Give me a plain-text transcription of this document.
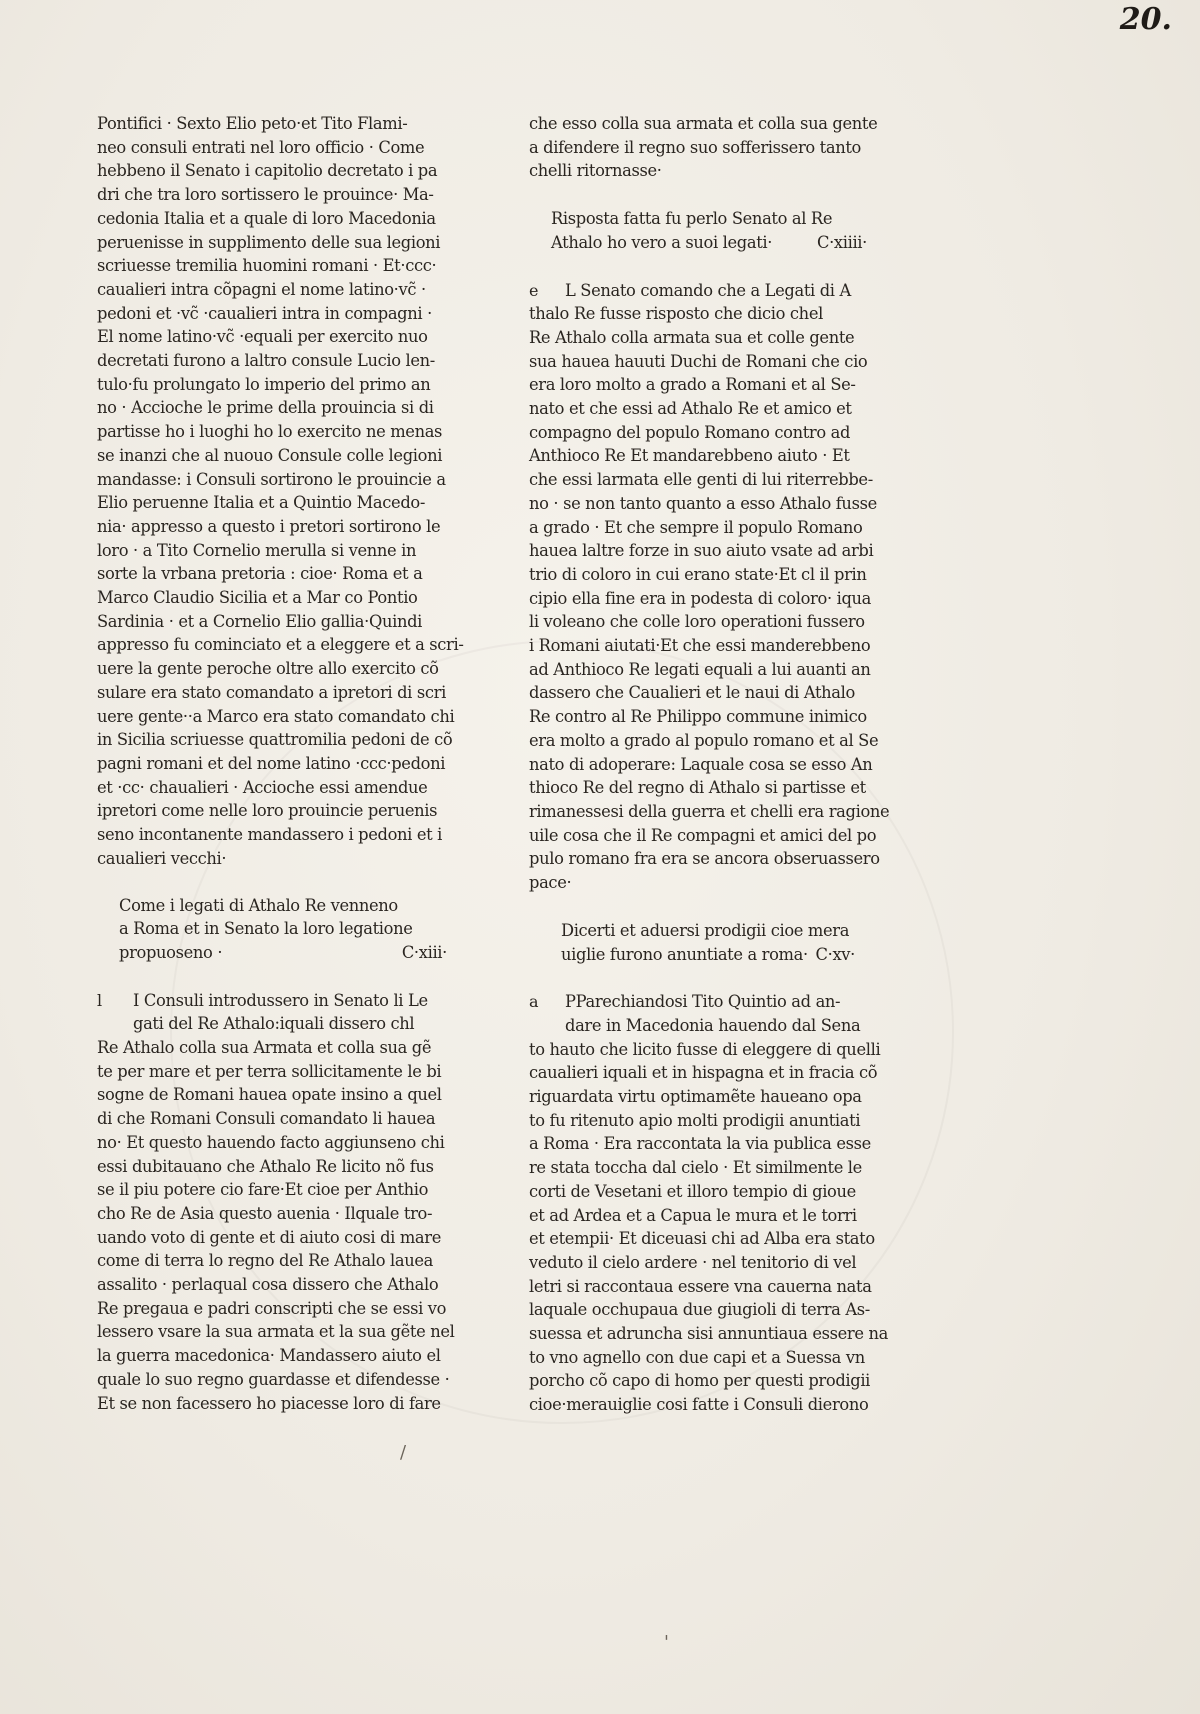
20.
Pontifici · Sexto Elio peto·et Tito Flami-
neo consuli entrati nel loro officio · Come
hebbeno il Senato i capitolio decretato i pa
dri che tra loro sortissero le prouince· Ma-
cedonia Italia et a quale di loro Macedonia
peruenisse in supplimento delle sua legioni
scriuesse tremilia huomini romani · Et·ccc·
caualieri intra cõpagni el nome latino·vc̃ ·
pedoni et ·vc̃ ·caualieri intra in compagni ·
El nome latino·vc̃ ·equali per exercito nuo
decretati furono a laltro consule Lucio len-
tulo·fu prolungato lo imperio del primo an
no · Accioche le prime della prouincia si di
partisse ho i luoghi ho lo exercito ne menas
se inanzi che al nuouo Consule colle legioni
mandasse: i Consuli sortirono le prouincie a
Elio peruenne Italia et a Quintio Macedo-
nia· appresso a questo i pretori sortirono le
loro · a Tito Cornelio merulla si venne in
sorte la vrbana pretoria : cioe· Roma et a
Marco Claudio Sicilia et a Mar co Pontio
Sardinia · et a Cornelio Elio gallia·Quindi
appresso fu cominciato et a eleggere et a scri-
uere la gente peroche oltre allo exercito cõ
sulare era stato comandato a ipretori di scri
uere gente··a Marco era stato comandato chi
in Sicilia scriuesse quattromilia pedoni de cõ
pagni romani et del nome latino ·ccc·pedoni
et ·cc· chaualieri · Accioche essi amendue
ipretori come nelle loro prouincie peruenis
seno incontanente mandassero i pedoni et i
caualieri vecchi·
Come i legati di Athalo Re venneno
a Roma et in Senato la loro legatione
propuoseno ·	C·xiii·
l	I Consuli introdussero in Senato li Le
gati del Re Athalo:iquali dissero chl
Re Athalo colla sua Armata et colla sua gẽ
te per mare et per terra sollicitamente le bi
sogne de Romani hauea opate insino a quel
di che Romani Consuli comandato li hauea
no· Et questo hauendo facto aggiunseno chi
essi dubitauano che Athalo Re licito nõ fus
se il piu potere cio fare·Et cioe per Anthio
cho Re de Asia questo auenia · Ilquale tro-
uando voto di gente et di aiuto cosi di mare
come di terra lo regno del Re Athalo lauea
assalito · perlaqual cosa dissero che Athalo
Re pregaua e padri conscripti che se essi vo
lessero vsare la sua armata et la sua gẽte nel
la guerra macedonica· Mandassero aiuto el
quale lo suo regno guardasse et difendesse ·
Et se non facessero ho piacesse loro di fare
che esso colla sua armata et colla sua gente
a difendere il regno suo sofferissero tanto
chelli ritornasse·
Risposta fatta fu perlo Senato al Re
Athalo ho vero a suoi legati·	C·xiiii·
e	L Senato comando che a Legati di A
thalo Re fusse risposto che dicio chel
Re Athalo colla armata sua et colle gente
sua hauea hauuti Duchi de Romani che cio
era loro molto a grado a Romani et al Se-
nato et che essi ad Athalo Re et amico et
compagno del populo Romano contro ad
Anthioco Re Et mandarebbeno aiuto · Et
che essi larmata elle genti di lui riterrebbe-
no · se non tanto quanto a esso Athalo fusse
a grado · Et che sempre il populo Romano
hauea laltre forze in suo aiuto vsate ad arbi
trio di coloro in cui erano state·Et cl il prin
cipio ella fine era in podesta di coloro· iqua
li voleano che colle loro operationi fussero
i Romani aiutati·Et che essi manderebbeno
ad Anthioco Re legati equali a lui auanti an
dassero che Caualieri et le naui di Athalo
Re contro al Re Philippo commune inimico
era molto a grado al populo romano et al Se
nato di adoperare: Laquale cosa se esso An
thioco Re del regno di Athalo si partisse et
rimanessesi della guerra et chelli era ragione
uile cosa che il Re compagni et amici del po
pulo romano fra era se ancora obseruassero
pace·
Dicerti et aduersi prodigii cioe mera
uiglie furono anuntiate a roma· C·xv·
a	PParechiandosi Tito Quintio ad an-
dare in Macedonia hauendo dal Sena
to hauto che licito fusse di eleggere di quelli
caualieri iquali et in hispagna et in fracia cõ
riguardata virtu optimamẽte haueano opa
to fu ritenuto apio molti prodigii anuntiati
a Roma · Era raccontata la via publica esse
re stata toccha dal cielo · Et similmente le
corti de Vesetani et illoro tempio di gioue
et ad Ardea et a Capua le mura et le torri
et etempii· Et diceuasi chi ad Alba era stato
veduto il cielo ardere · nel tenitorio di vel
letri si raccontaua essere vna cauerna nata
laquale occhupaua due giugioli di terra As-
suessa et adruncha sisi annuntiaua essere na
to vno agnello con due capi et a Suessa vn
porcho cõ capo di homo per questi prodigii
cioe·merauiglie cosi fatte i Consuli dierono
/
'
